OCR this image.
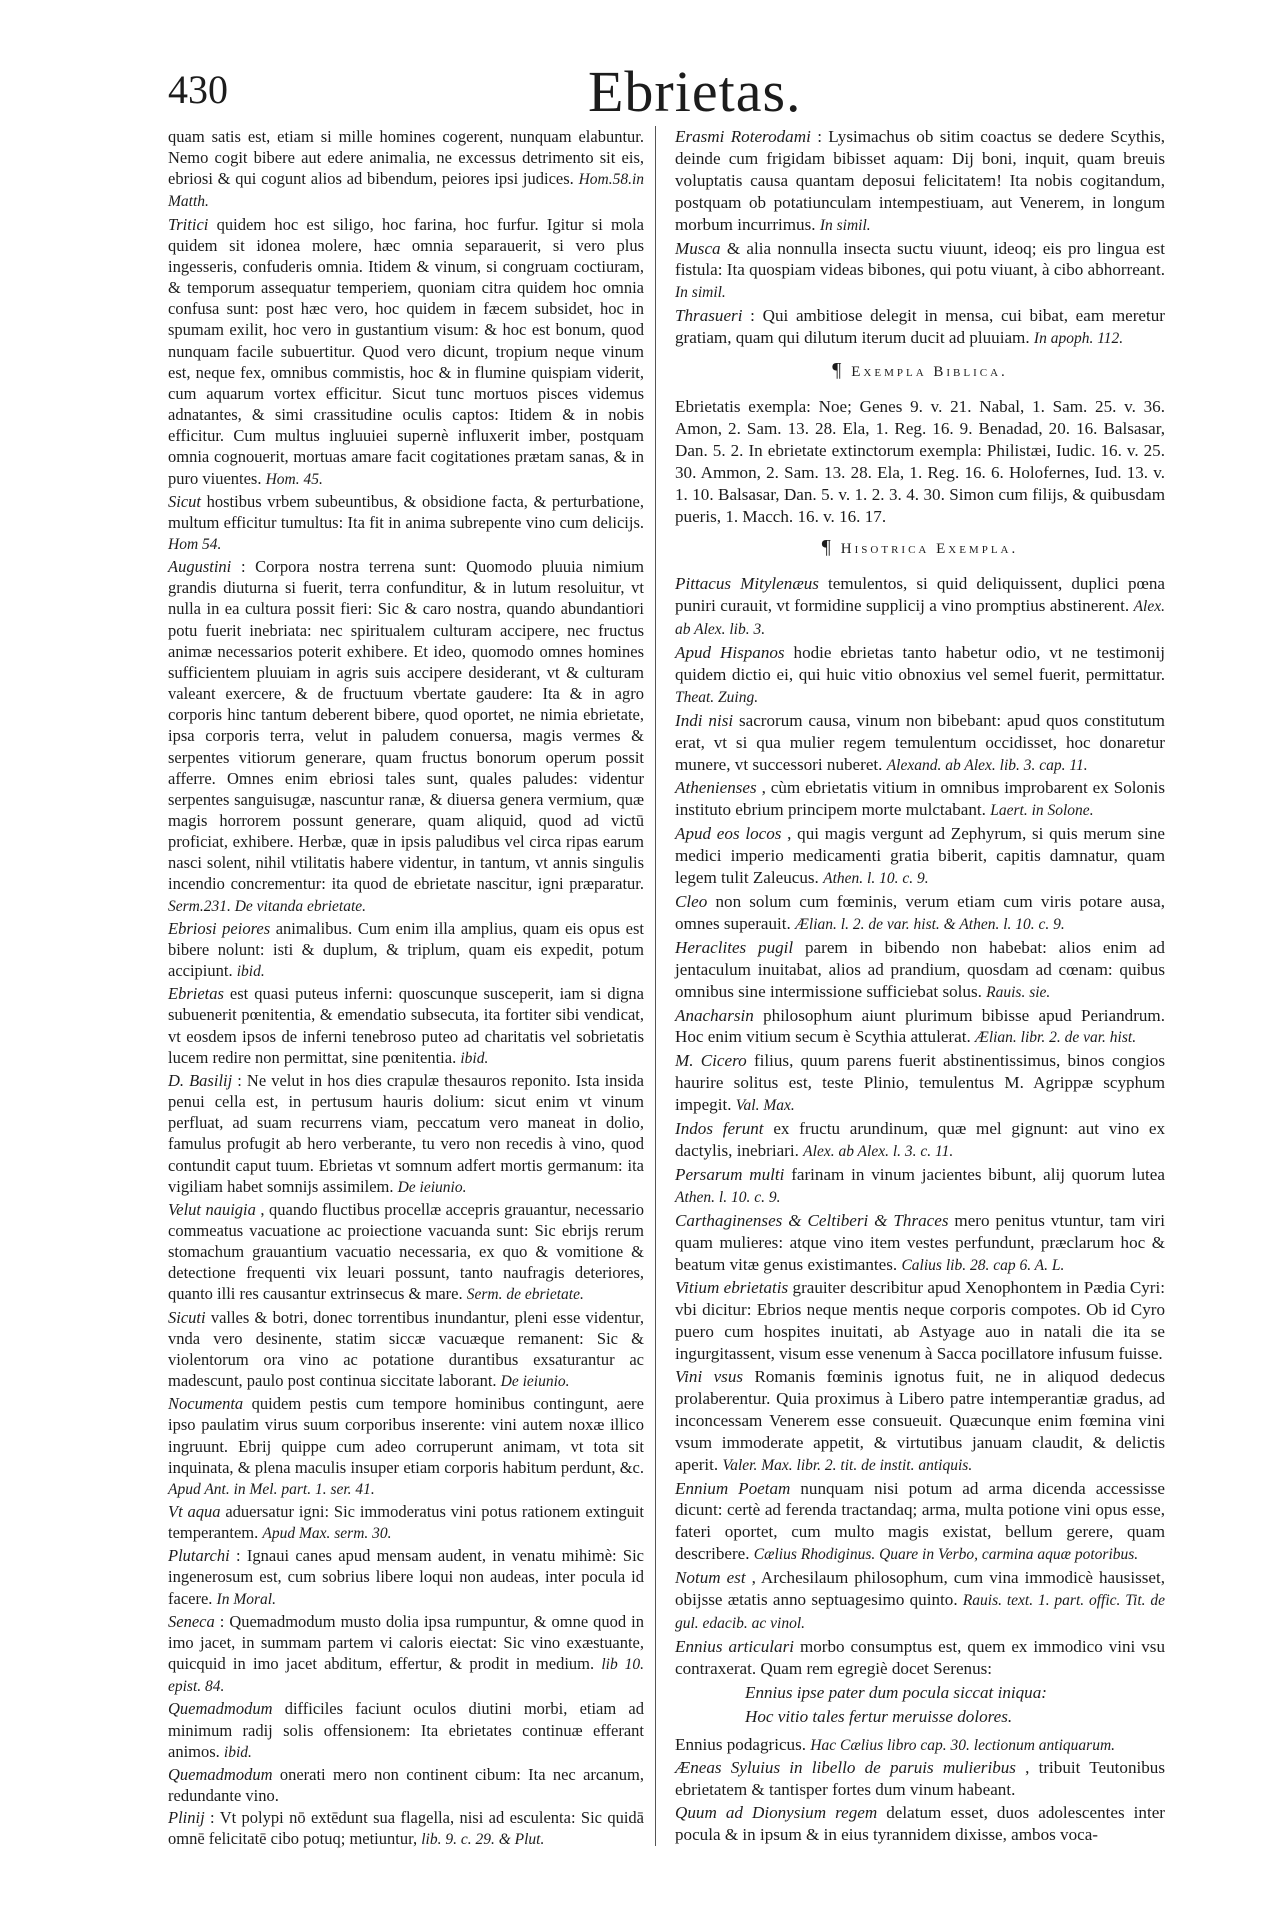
430	Ebrietas.

quam satis est, etiam si mille homines cogerent, nunquam elabuntur. Nemo cogit bibere aut edere animalia, ne excessus detrimento sit eis, ebriosi & qui cogunt alios ad bibendum, peiores ipsi judices. Hom.58.in Matth.

Tritici quidem hoc est siligo, hoc farina, hoc furfur. Igitur si mola quidem sit idonea molere, hæc omnia separauerit, si vero plus ingesseris, confuderis omnia. Itidem & vinum, si congruam coctiuram, & temporum assequatur temperiem, quoniam citra quidem hoc omnia confusa sunt: post hæc vero, hoc quidem in fæcem subsidet, hoc in spumam exilit, hoc vero in gustantium visum: & hoc est bonum, quod nunquam facile subuertitur. Quod vero dicunt, tropium neque vinum est, neque fex, omnibus commistis, hoc & in flumine quispiam viderit, cum aquarum vortex efficitur. Sicut tunc mortuos pisces videmus adnatantes, & simi crassitudine oculis captos: Itidem & in nobis efficitur. Cum multus ingluuiei supernè influxerit imber, postquam omnia cognouerit, mortuas amare facit cogitationes prætam sanas, & in puro viuentes. Hom. 45.

Sicut hostibus vrbem subeuntibus, & obsidione facta, & perturbatione, multum efficitur tumultus: Ita fit in anima subrepente vino cum delicijs. Hom 54.

Augustini : Corpora nostra terrena sunt: Quomodo pluuia nimium grandis diuturna si fuerit, terra confunditur, & in lutum resoluitur, vt nulla in ea cultura possit fieri: Sic & caro nostra, quando abundantiori potu fuerit inebriata: nec spiritualem culturam accipere, nec fructus animæ necessarios poterit exhibere. Et ideo, quomodo omnes homines sufficientem pluuiam in agris suis accipere desiderant, vt & culturam valeant exercere, & de fructuum vbertate gaudere: Ita & in agro corporis hinc tantum deberent bibere, quod oportet, ne nimia ebrietate, ipsa corporis terra, velut in paludem conuersa, magis vermes & serpentes vitiorum generare, quam fructus bonorum operum possit afferre. Omnes enim ebriosi tales sunt, quales paludes: videntur serpentes sanguisugæ, nascuntur ranæ, & diuersa genera vermium, quæ magis horrorem possunt generare, quam aliquid, quod ad victū proficiat, exhibere. Herbæ, quæ in ipsis paludibus vel circa ripas earum nasci solent, nihil vtilitatis habere videntur, in tantum, vt annis singulis incendio concrementur: ita quod de ebrietate nascitur, igni præparatur. Serm.231. De vitanda ebrietate.

Ebriosi peiores animalibus. Cum enim illa amplius, quam eis opus est bibere nolunt: isti & duplum, & triplum, quam eis expedit, potum accipiunt. ibid.

Ebrietas est quasi puteus inferni: quoscunque susceperit, iam si digna subuenerit pœnitentia, & emendatio subsecuta, ita fortiter sibi vendicat, vt eosdem ipsos de inferni tenebroso puteo ad charitatis vel sobrietatis lucem redire non permittat, sine pœnitentia. ibid.

D. Basilij : Ne velut in hos dies crapulæ thesauros reponito. Ista insida penui cella est, in pertusum hauris dolium: sicut enim vt vinum perfluat, ad suam recurrens viam, peccatum vero maneat in dolio, famulus profugit ab hero verberante, tu vero non recedis à vino, quod contundit caput tuum. Ebrietas vt somnum adfert mortis germanum: ita vigiliam habet somnijs assimilem. De ieiunio.

Velut nauigia , quando fluctibus procellæ accepris grauantur, necessario commeatus vacuatione ac proiectione vacuanda sunt: Sic ebrijs rerum stomachum grauantium vacuatio necessaria, ex quo & vomitione & detectione frequenti vix leuari possunt, tanto naufragis deteriores, quanto illi res causantur extrinsecus & mare. Serm. de ebrietate.

Sicuti valles & botri, donec torrentibus inundantur, pleni esse videntur, vnda vero desinente, statim siccæ vacuæque remanent: Sic & violentorum ora vino ac potatione durantibus exsaturantur ac madescunt, paulo post continua siccitate laborant. De ieiunio.

Nocumenta quidem pestis cum tempore hominibus contingunt, aere ipso paulatim virus suum corporibus inserente: vini autem noxæ illico ingruunt. Ebrij quippe cum adeo corruperunt animam, vt tota sit inquinata, & plena maculis insuper etiam corporis habitum perdunt, &c. Apud Ant. in Mel. part. 1. ser. 41.

Vt aqua aduersatur igni: Sic immoderatus vini potus rationem extinguit temperantem. Apud Max. serm. 30.

Plutarchi : Ignaui canes apud mensam audent, in venatu mihimè: Sic ingenerosum est, cum sobrius libere loqui non audeas, inter pocula id facere. In Moral.

Seneca : Quemadmodum musto dolia ipsa rumpuntur, & omne quod in imo jacet, in summam partem vi caloris eiectat: Sic vino exæstuante, quicquid in imo jacet abditum, effertur, & prodit in medium. lib 10. epist. 84.

Quemadmodum difficiles faciunt oculos diutini morbi, etiam ad minimum radij solis offensionem: Ita ebrietates continuæ efferant animos. ibid.

Quemadmodum onerati mero non continent cibum: Ita nec arcanum, redundante vino.

Plinij : Vt polypi nō extēdunt sua flagella, nisi ad esculenta: Sic quidā omnē felicitatē cibo potuq; metiuntur, lib. 9. c. 29. & Plut.

Erasmi Roterodami : Lysimachus ob sitim coactus se dedere Scythis, deinde cum frigidam bibisset aquam: Dij boni, inquit, quam breuis voluptatis causa quantam deposui felicitatem! Ita nobis cogitandum, postquam ob potatiunculam intempestiuam, aut Venerem, in longum morbum incurrimus. In simil.

Musca & alia nonnulla insecta suctu viuunt, ideoq; eis pro lingua est fistula: Ita quospiam videas bibones, qui potu viuant, à cibo abhorreant. In simil.

Thrasueri : Qui ambitiose delegit in mensa, cui bibat, eam meretur gratiam, quam qui dilutum iterum ducit ad pluuiam. In apoph. 112.

¶ Exempla Biblica.

Ebrietatis exempla: Noe; Genes 9. v. 21. Nabal, 1. Sam. 25. v. 36. Amon, 2. Sam. 13. 28. Ela, 1. Reg. 16. 9. Benadad, 20. 16. Balsasar, Dan. 5. 2. In ebrietate extinctorum exempla: Philistæi, Iudic. 16. v. 25. 30. Ammon, 2. Sam. 13. 28. Ela, 1. Reg. 16. 6. Holofernes, Iud. 13. v. 1. 10. Balsasar, Dan. 5. v. 1. 2. 3. 4. 30. Simon cum filijs, & quibusdam pueris, 1. Macch. 16. v. 16. 17.

¶ Hisotrica Exempla.

Pittacus Mitylenæus temulentos, si quid deliquissent, duplici pœna puniri curauit, vt formidine supplicij a vino promptius abstinerent. Alex. ab Alex. lib. 3.

Apud Hispanos hodie ebrietas tanto habetur odio, vt ne testimonij quidem dictio ei, qui huic vitio obnoxius vel semel fuerit, permittatur. Theat. Zuing.

Indi nisi sacrorum causa, vinum non bibebant: apud quos constitutum erat, vt si qua mulier regem temulentum occidisset, hoc donaretur munere, vt successori nuberet. Alexand. ab Alex. lib. 3. cap. 11.

Athenienses , cùm ebrietatis vitium in omnibus improbarent ex Solonis instituto ebrium principem morte mulctabant. Laert. in Solone.

Apud eos locos , qui magis vergunt ad Zephyrum, si quis merum sine medici imperio medicamenti gratia biberit, capitis damnatur, quam legem tulit Zaleucus. Athen. l. 10. c. 9.

Cleo non solum cum fœminis, verum etiam cum viris potare ausa, omnes superauit. Ælian. l. 2. de var. hist. & Athen. l. 10. c. 9.

Heraclites pugil parem in bibendo non habebat: alios enim ad jentaculum inuitabat, alios ad prandium, quosdam ad cœnam: quibus omnibus sine intermissione sufficiebat solus. Rauis. sie.

Anacharsin philosophum aiunt plurimum bibisse apud Periandrum. Hoc enim vitium secum è Scythia attulerat. Ælian. libr. 2. de var. hist.

M. Cicero filius, quum parens fuerit abstinentissimus, binos congios haurire solitus est, teste Plinio, temulentus M. Agrippæ scyphum impegit. Val. Max.

Indos ferunt ex fructu arundinum, quæ mel gignunt: aut vino ex dactylis, inebriari. Alex. ab Alex. l. 3. c. 11.

Persarum multi farinam in vinum jacientes bibunt, alij quorum lutea Athen. l. 10. c. 9.

Carthaginenses & Celtiberi & Thraces mero penitus vtuntur, tam viri quam mulieres: atque vino item vestes perfundunt, præclarum hoc & beatum vitæ genus existimantes. Calius lib. 28. cap 6. A. L.

Vitium ebrietatis grauiter describitur apud Xenophontem in Pædia Cyri: vbi dicitur: Ebrios neque mentis neque corporis compotes. Ob id Cyro puero cum hospites inuitati, ab Astyage auo in natali die ita se ingurgitassent, visum esse venenum à Sacca pocillatore infusum fuisse.

Vini vsus Romanis fœminis ignotus fuit, ne in aliquod dedecus prolaberentur. Quia proximus à Libero patre intemperantiæ gradus, ad inconcessam Venerem esse consueuit. Quæcunque enim fœmina vini vsum immoderate appetit, & virtutibus januam claudit, & delictis aperit. Valer. Max. libr. 2. tit. de instit. antiquis.

Ennium Poetam nunquam nisi potum ad arma dicenda accessisse dicunt: certè ad ferenda tractandaq; arma, multa potione vini opus esse, fateri oportet, cum multo magis existat, bellum gerere, quam describere. Cælius Rhodiginus. Quare in Verbo, carmina aquæ potoribus.

Notum est , Archesilaum philosophum, cum vina immodicè hausisset, obijsse ætatis anno septuagesimo quinto. Rauis. text. 1. part. offic. Tit. de gul. edacib. ac vinol.

Ennius articulari morbo consumptus est, quem ex immodico vini vsu contraxerat. Quam rem egregiè docet Serenus:

Ennius ipse pater dum pocula siccat iniqua:
Hoc vitio tales fertur meruisse dolores.

Ennius podagricus. Hac Cælius libro cap. 30. lectionum antiquarum.

Æneas Syluius in libello de paruis mulieribus , tribuit Teutonibus ebrietatem & tantisper fortes dum vinum habeant.

Quum ad Dionysium regem delatum esset, duos adolescentes inter pocula & in ipsum & in eius tyrannidem dixisse, ambos voca-
